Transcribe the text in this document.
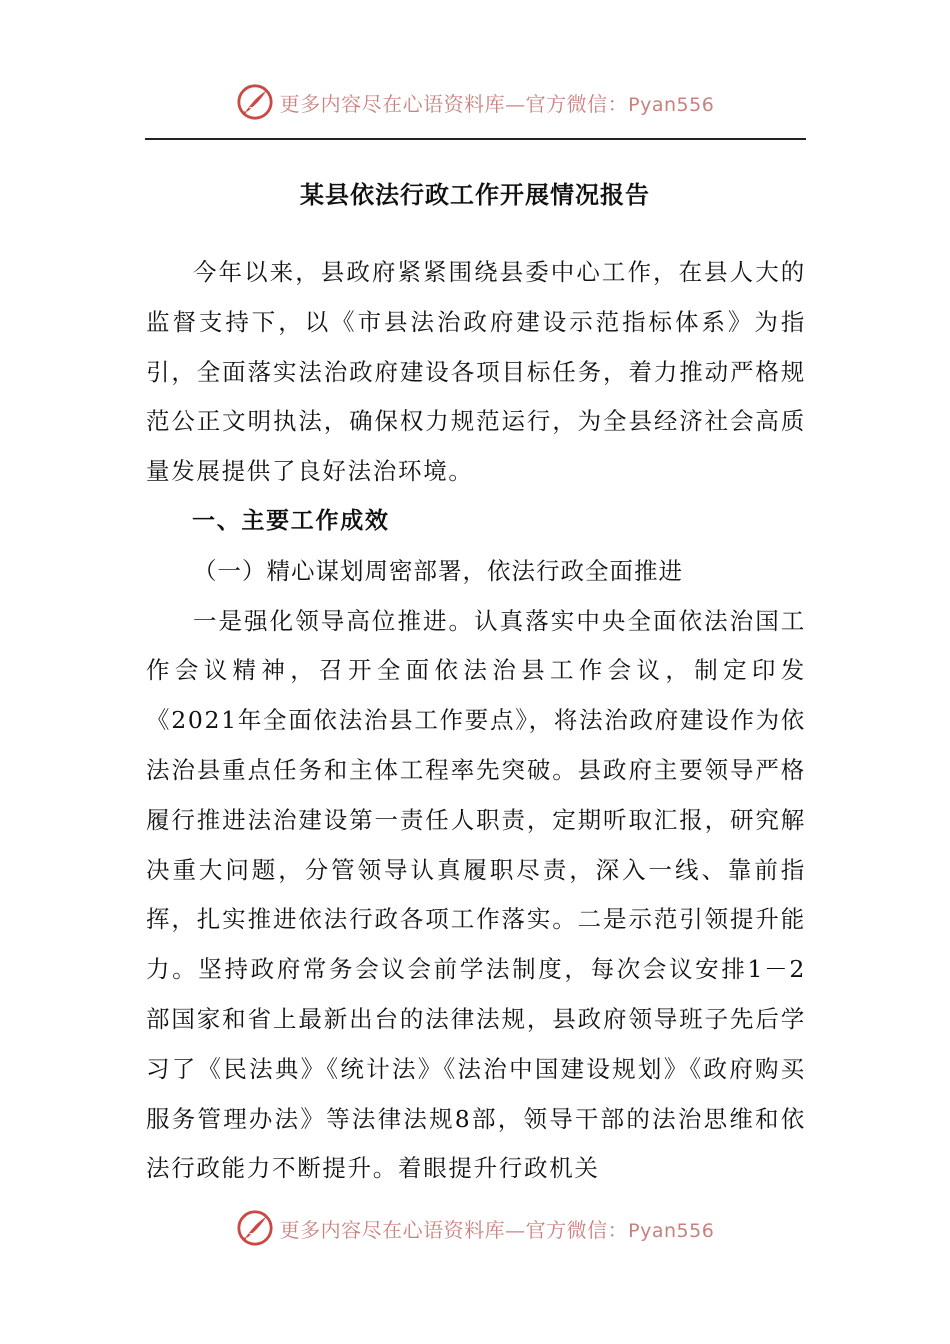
更多内容尽在心语资料库—官方微信：Pyan556
某县依法行政工作开展情况报告

今年以来，县政府紧紧围绕县委中心工作，在县人大的监督支持下，以《市县法治政府建设示范指标体系》为指引，全面落实法治政府建设各项目标任务，着力推动严格规范公正文明执法，确保权力规范运行，为全县经济社会高质量发展提供了良好法治环境。

一、主要工作成效

（一）精心谋划周密部署，依法行政全面推进

一是强化领导高位推进。认真落实中央全面依法治国工作会议精神，召开全面依法治县工作会议，制定印发《2021年全面依法治县工作要点》，将法治政府建设作为依法治县重点任务和主体工程率先突破。县政府主要领导严格履行推进法治建设第一责任人职责，定期听取汇报，研究解决重大问题，分管领导认真履职尽责，深入一线、靠前指挥，扎实推进依法行政各项工作落实。二是示范引领提升能力。坚持政府常务会议会前学法制度，每次会议安排1－2部国家和省上最新出台的法律法规，县政府领导班子先后学习了《民法典》《统计法》《法治中国建设规划》《政府购买服务管理办法》等法律法规8部，领导干部的法治思维和依法行政能力不断提升。着眼提升行政机关

更多内容尽在心语资料库—官方微信：Pyan556
